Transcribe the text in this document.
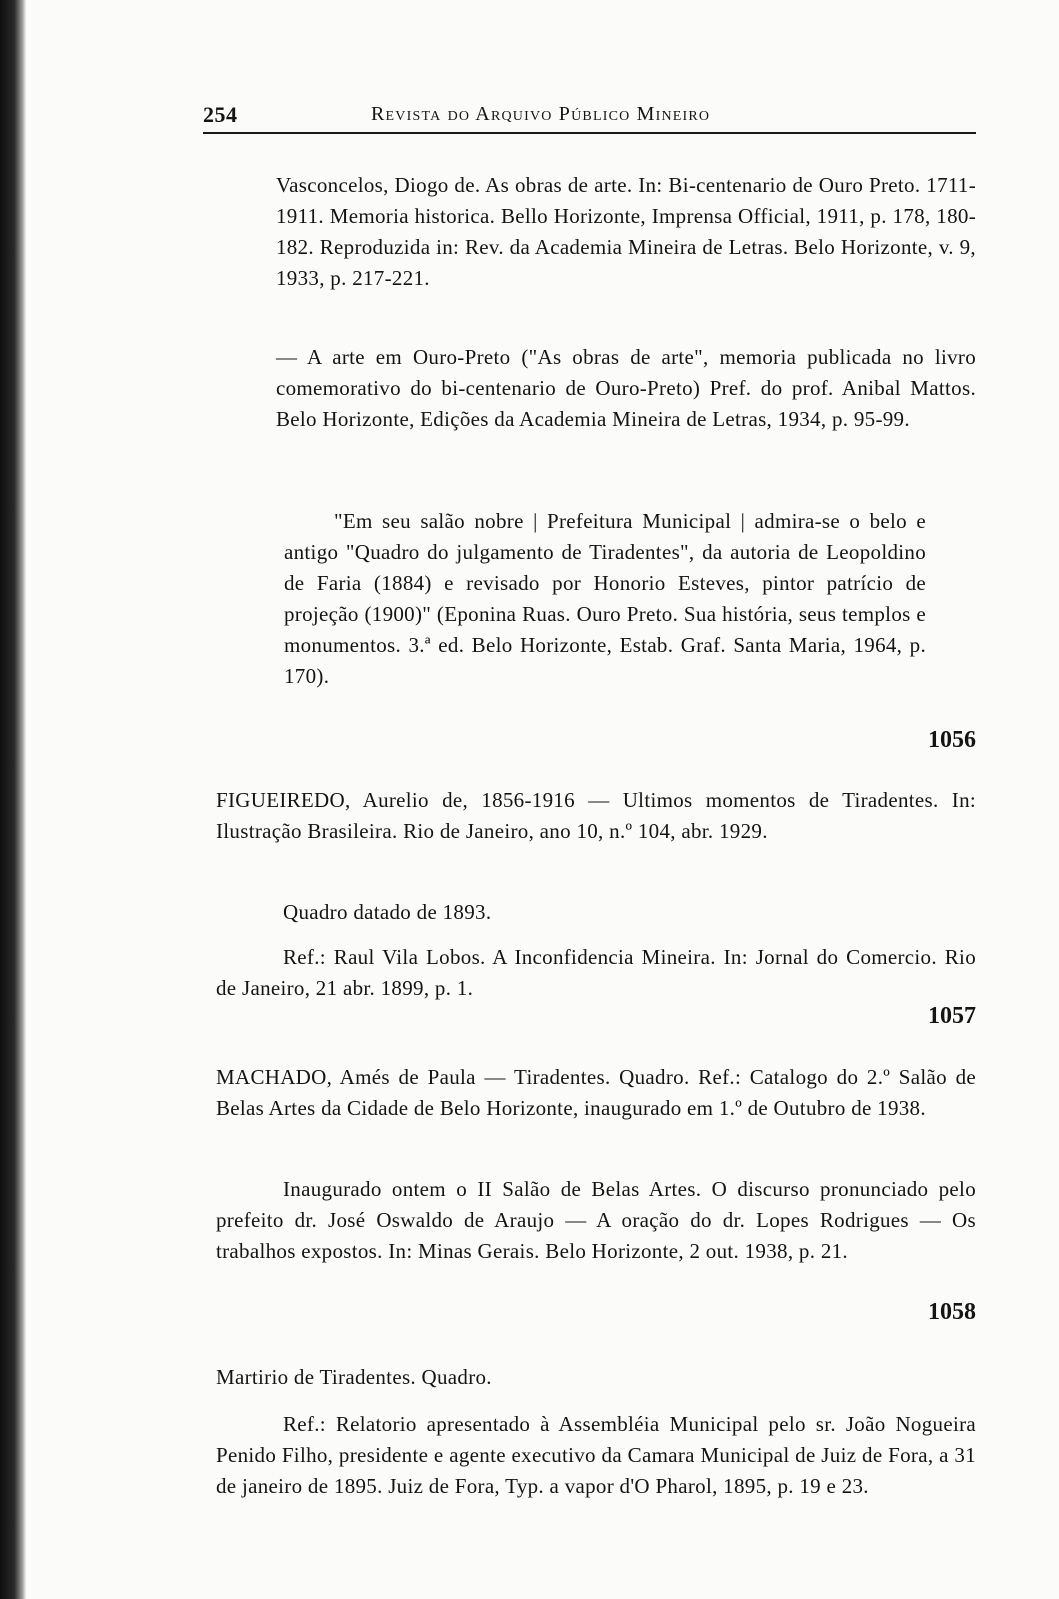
254	Revista do Arquivo Público Mineiro
Vasconcelos, Diogo de. As obras de arte. In: Bi-centenario de Ouro Preto. 1711-1911. Memoria historica. Bello Horizonte, Imprensa Official, 1911, p. 178, 180-182. Reproduzida in: Rev. da Academia Mineira de Letras. Belo Horizonte, v. 9, 1933, p. 217-221.
— A arte em Ouro-Preto ("As obras de arte", memoria publicada no livro comemorativo do bi-centenario de Ouro-Preto) Pref. do prof. Anibal Mattos. Belo Horizonte, Edições da Academia Mineira de Letras, 1934, p. 95-99.
"Em seu salão nobre | Prefeitura Municipal | admira-se o belo e antigo "Quadro do julgamento de Tiradentes", da autoria de Leopoldino de Faria (1884) e revisado por Honorio Esteves, pintor patrício de projeção (1900)" (Eponina Ruas. Ouro Preto. Sua história, seus templos e monumentos. 3.ª ed. Belo Horizonte, Estab. Graf. Santa Maria, 1964, p. 170).
1056
FIGUEIREDO, Aurelio de, 1856-1916 — Ultimos momentos de Tiradentes. In: Ilustração Brasileira. Rio de Janeiro, ano 10, n.º 104, abr. 1929.
Quadro datado de 1893.
Ref.: Raul Vila Lobos. A Inconfidencia Mineira. In: Jornal do Comercio. Rio de Janeiro, 21 abr. 1899, p. 1.
1057
MACHADO, Amés de Paula — Tiradentes. Quadro. Ref.: Catalogo do 2.º Salão de Belas Artes da Cidade de Belo Horizonte, inaugurado em 1.º de Outubro de 1938.
Inaugurado ontem o II Salão de Belas Artes. O discurso pronunciado pelo prefeito dr. José Oswaldo de Araujo — A oração do dr. Lopes Rodrigues — Os trabalhos expostos. In: Minas Gerais. Belo Horizonte, 2 out. 1938, p. 21.
1058
Martirio de Tiradentes. Quadro.
Ref.: Relatorio apresentado à Assembléia Municipal pelo sr. João Nogueira Penido Filho, presidente e agente executivo da Camara Municipal de Juiz de Fora, a 31 de janeiro de 1895. Juiz de Fora, Typ. a vapor d'O Pharol, 1895, p. 19 e 23.
